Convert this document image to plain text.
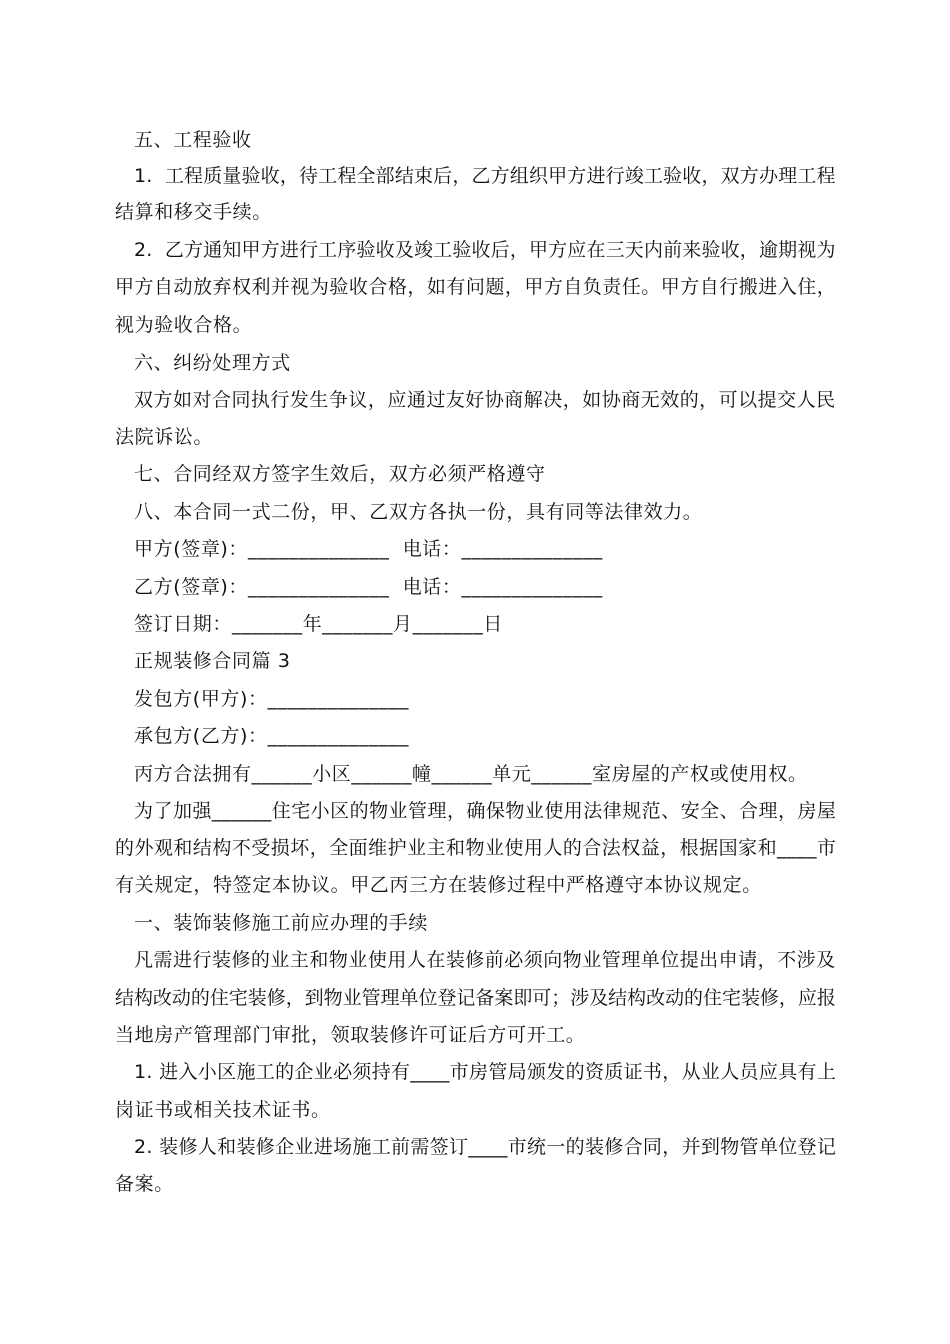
五、工程验收
1.  工程质量验收，待工程全部结束后，乙方组织甲方进行竣工验收，双方办理工程
结算和移交手续。
2.  乙方通知甲方进行工序验收及竣工验收后，甲方应在三天内前来验收，逾期视为
甲方自动放弃权利并视为验收合格，如有问题，甲方自负责任。甲方自行搬进入住，
视为验收合格。
六、纠纷处理方式
双方如对合同执行发生争议，应通过友好协商解决，如协商无效的，可以提交人民
法院诉讼。
七、合同经双方签字生效后，双方必须严格遵守
八、本合同一式二份，甲、乙双方各执一份，具有同等法律效力。
甲方(签章)：______________  电话：______________
乙方(签章)：______________  电话：______________
签订日期：_______年_______月_______日
正规装修合同篇 3
发包方(甲方)：______________
承包方(乙方)：______________
丙方合法拥有______小区______幢______单元______室房屋的产权或使用权。
为了加强______住宅小区的物业管理，确保物业使用法律规范、安全、合理，房屋
的外观和结构不受损坏，全面维护业主和物业使用人的合法权益，根据国家和____市
有关规定，特签定本协议。甲乙丙三方在装修过程中严格遵守本协议规定。
一、装饰装修施工前应办理的手续
凡需进行装修的业主和物业使用人在装修前必须向物业管理单位提出申请，不涉及
结构改动的住宅装修，到物业管理单位登记备案即可；涉及结构改动的住宅装修，应报
当地房产管理部门审批，领取装修许可证后方可开工。
1. 进入小区施工的企业必须持有____市房管局颁发的资质证书，从业人员应具有上
岗证书或相关技术证书。
2. 装修人和装修企业进场施工前需签订____市统一的装修合同，并到物管单位登记
备案。
